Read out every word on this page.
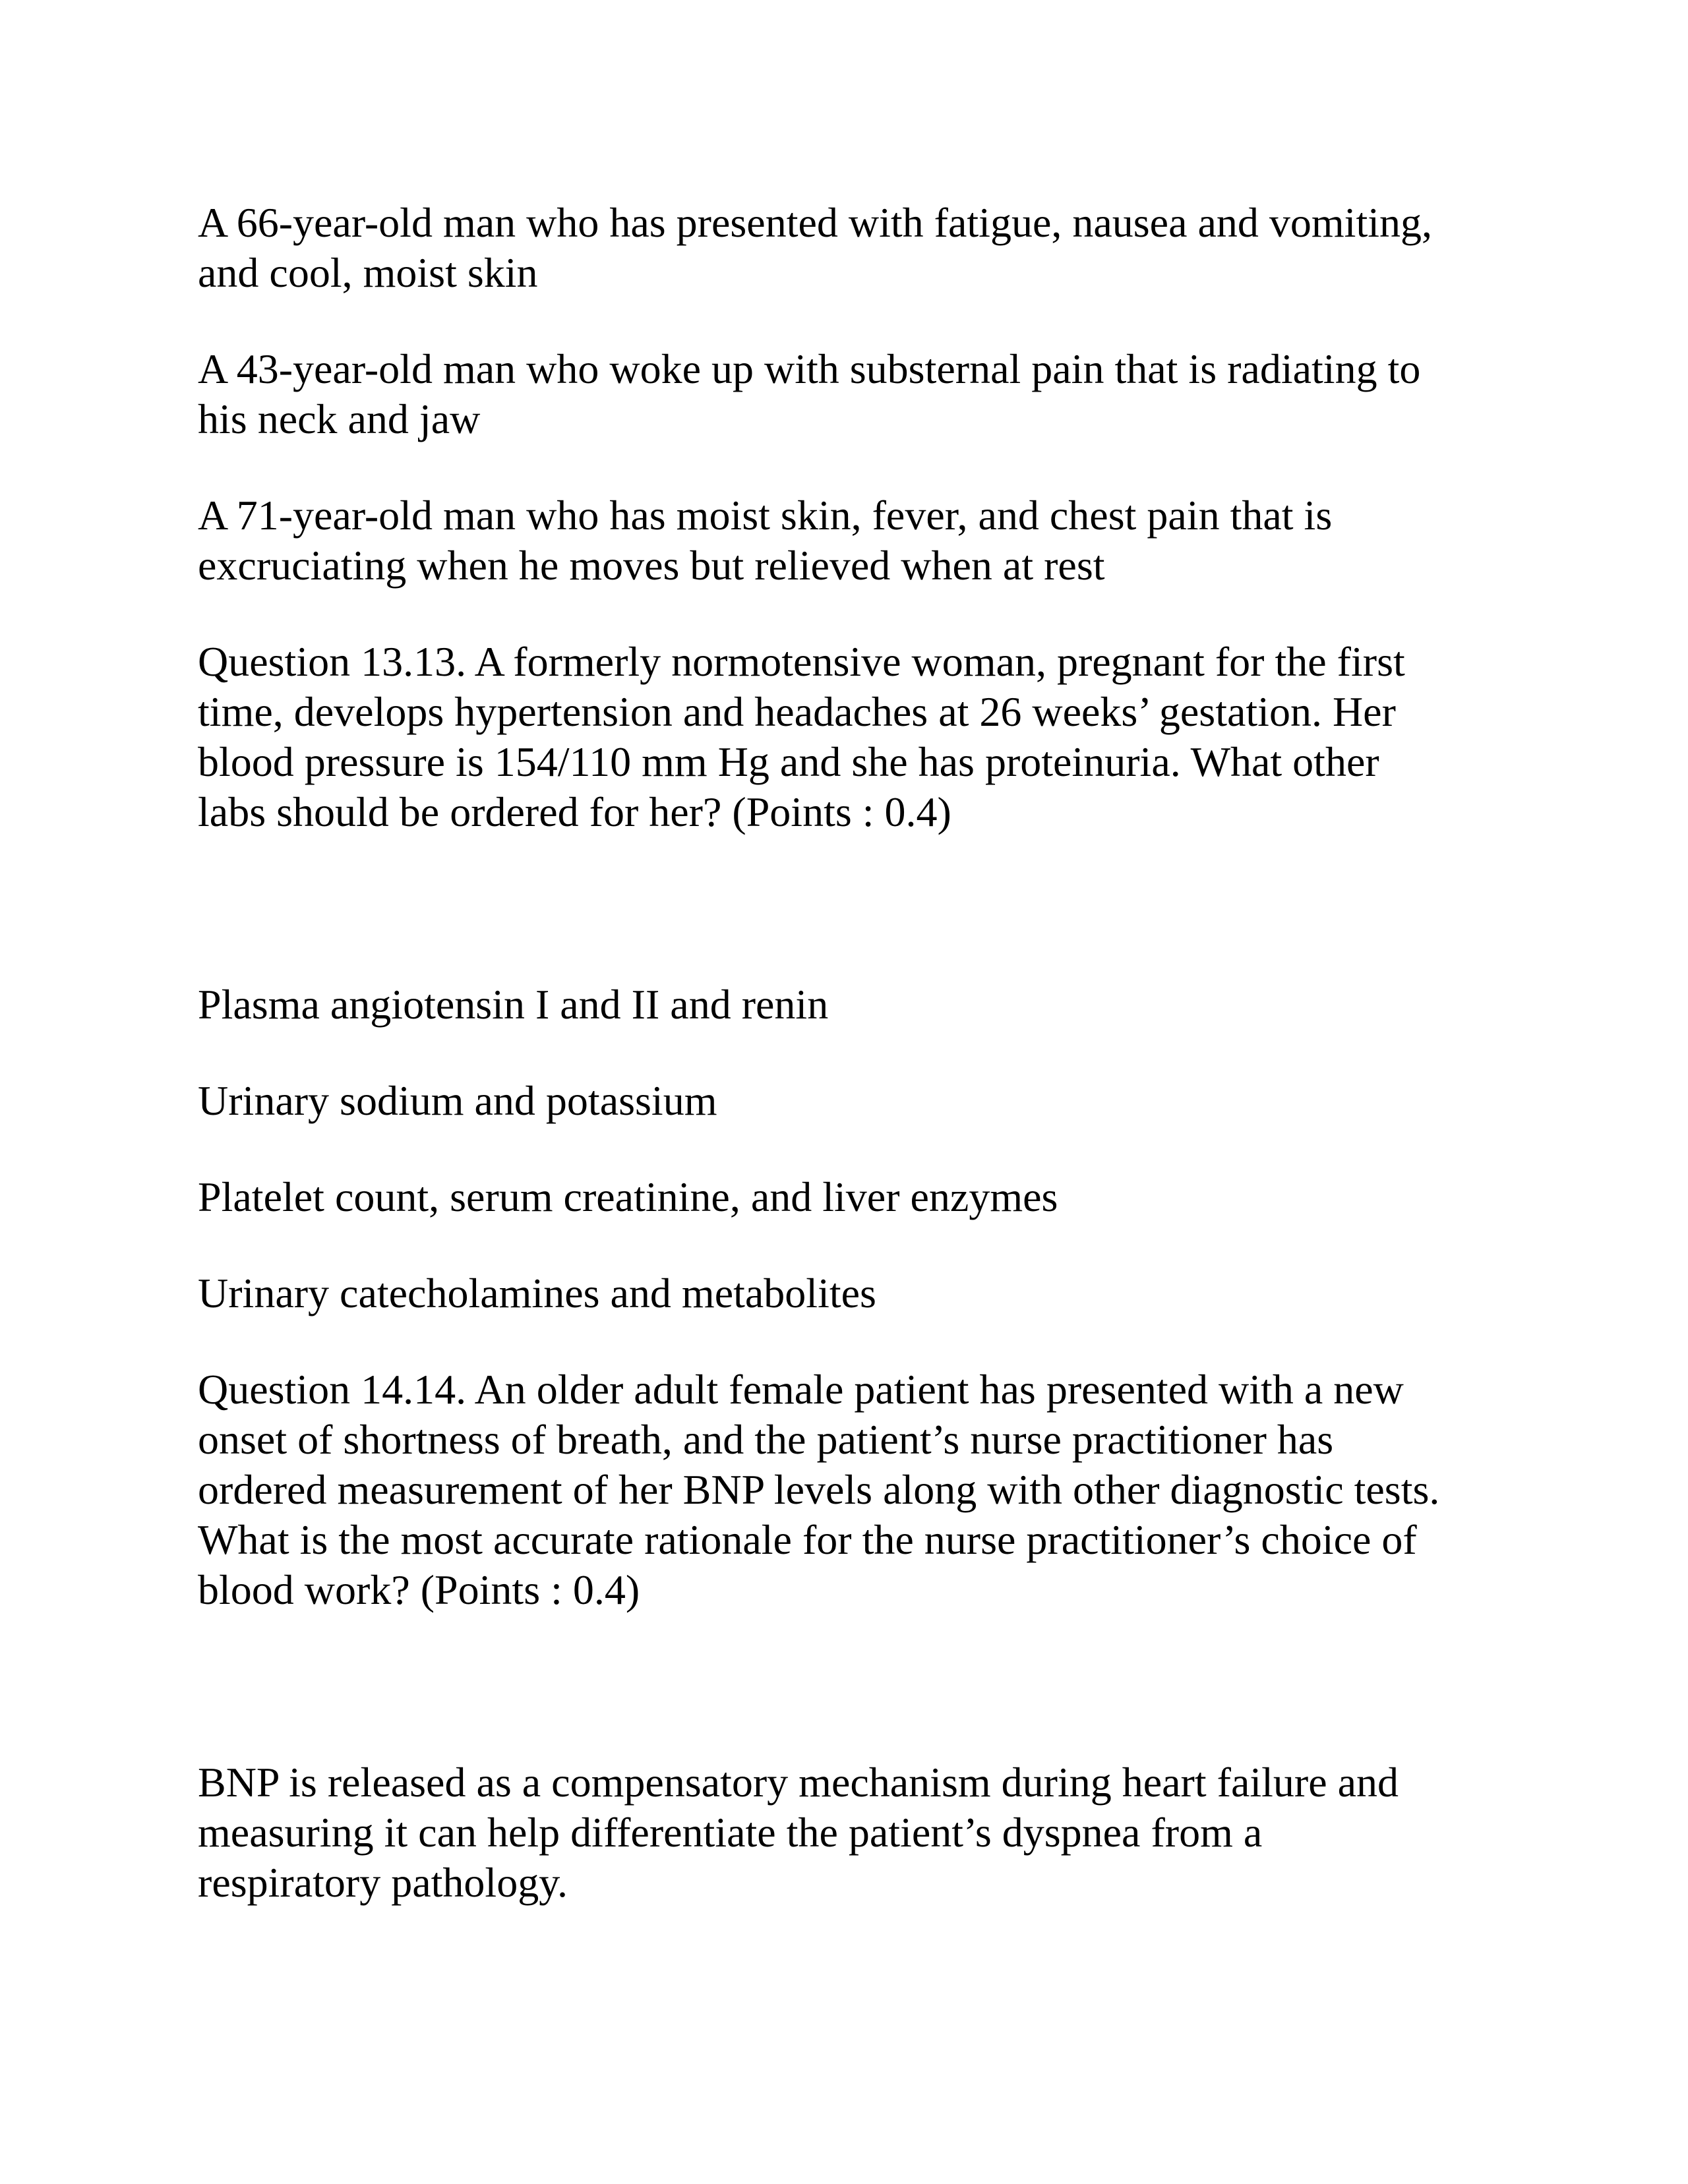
A 66-year-old man who has presented with fatigue, nausea and vomiting,
and cool, moist skin

A 43-year-old man who woke up with substernal pain that is radiating to
his neck and jaw

A 71-year-old man who has moist skin, fever, and chest pain that is
excruciating when he moves but relieved when at rest

Question 13.13. A formerly normotensive woman, pregnant for the first
time, develops hypertension and headaches at 26 weeks’ gestation. Her
blood pressure is 154/110 mm Hg and she has proteinuria. What other
labs should be ordered for her? (Points : 0.4)

Plasma angiotensin I and II and renin

Urinary sodium and potassium

Platelet count, serum creatinine, and liver enzymes

Urinary catecholamines and metabolites

Question 14.14. An older adult female patient has presented with a new
onset of shortness of breath, and the patient’s nurse practitioner has
ordered measurement of her BNP levels along with other diagnostic tests.
What is the most accurate rationale for the nurse practitioner’s choice of
blood work? (Points : 0.4)

BNP is released as a compensatory mechanism during heart failure and
measuring it can help differentiate the patient’s dyspnea from a
respiratory pathology.
